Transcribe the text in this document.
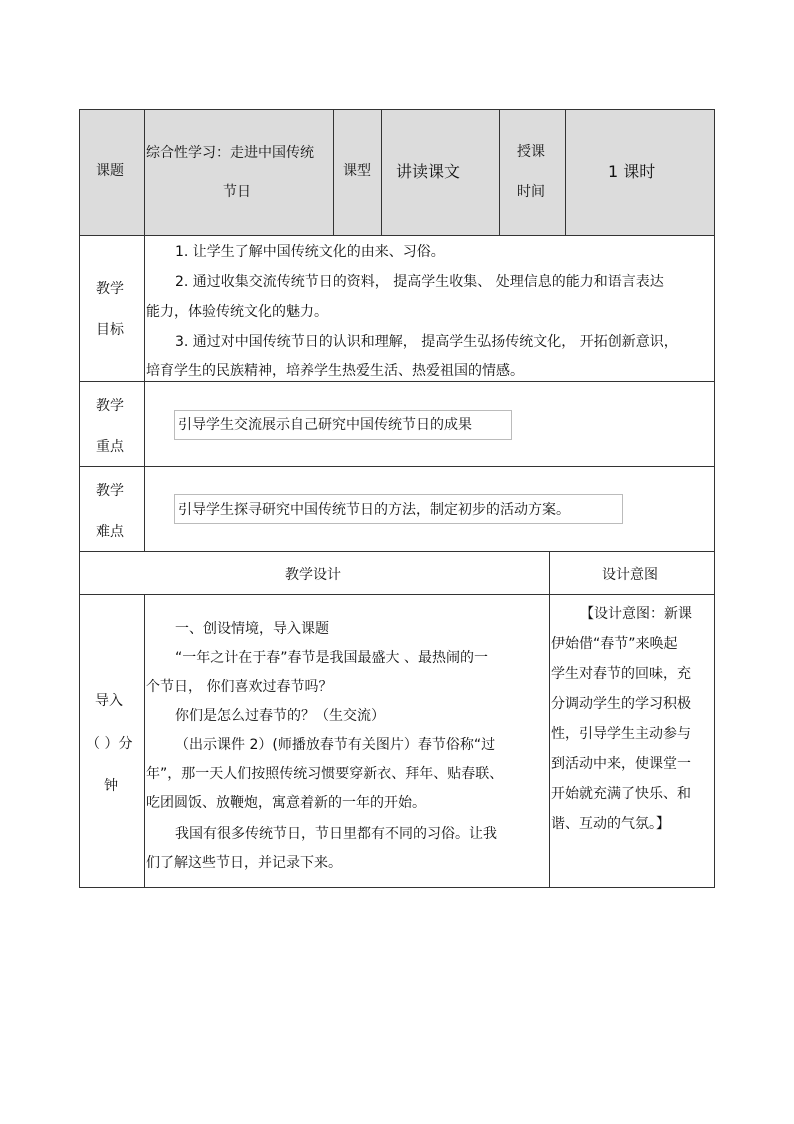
课题
综合性学习：走进中国传统
节日
课型 讲读课文
授课
时间
1 课时
教学
目标
1. 让学生了解中国传统文化的由来、习俗。
2. 通过收集交流传统节日的资料， 提高学生收集、 处理信息的能力和语言表达
能力，体验传统文化的魅力。
3. 通过对中国传统节日的认识和理解， 提高学生弘扬传统文化， 开拓创新意识，
培育学生的民族精神，培养学生热爱生活、热爱祖国的情感。
教学
重点
引导学生交流展示自己研究中国传统节日的成果
教学
难点
引导学生探寻研究中国传统节日的方法，制定初步的活动方案。
教学设计	设计意图
导入
（ ）分
钟
一、创设情境，导入课题
“一年之计在于春”春节是我国最盛大 、最热闹的一
个节日， 你们喜欢过春节吗？
你们是怎么过春节的？（生交流）
（出示课件 2）(师播放春节有关图片）春节俗称“过
年”，那一天人们按照传统习惯要穿新衣、拜年、贴春联、
吃团圆饭、放鞭炮，寓意着新的一年的开始。
我国有很多传统节日，节日里都有不同的习俗。让我
们了解这些节日，并记录下来。
【设计意图：新课
伊始借“春节”来唤起
学生对春节的回味，充
分调动学生的学习积极
性，引导学生主动参与
到活动中来，使课堂一
开始就充满了快乐、和
谐、互动的气氛。】
